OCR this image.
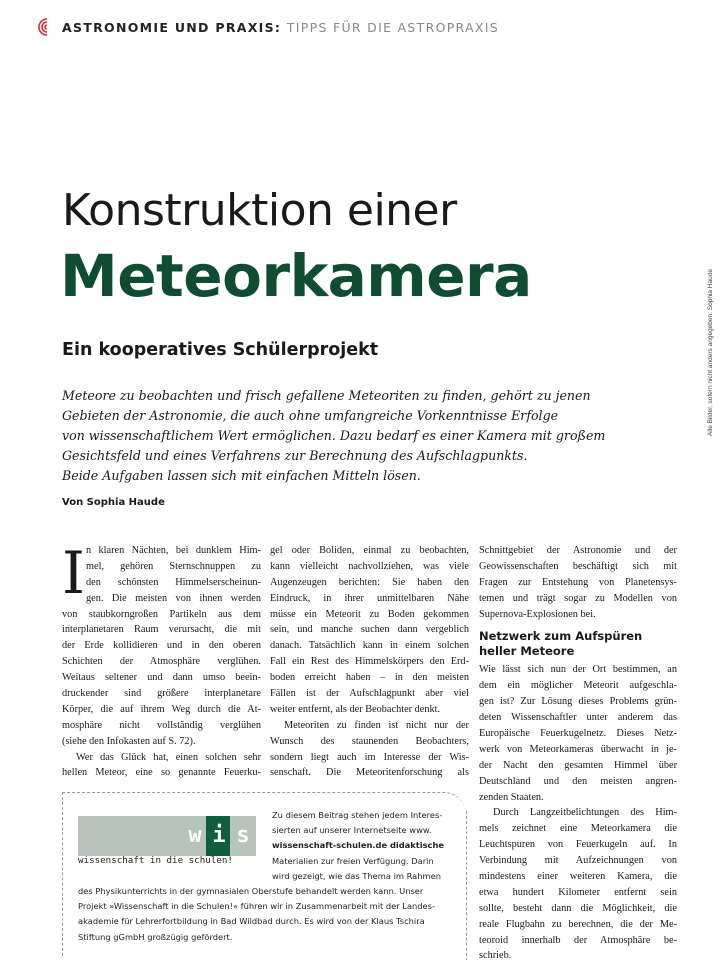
ASTRONOMIE UND PRAXIS: TIPPS FÜR DIE ASTROPRAXIS
Alle Bilder, sofern nicht anders angegeben: Sophia Haude
Konstruktion einer
Meteorkamera
Ein kooperatives Schülerprojekt
Meteore zu beobachten und frisch gefallene Meteoriten zu finden, gehört zu jenen
Gebieten der Astronomie, die auch ohne umfangreiche Vorkenntnisse Erfolge
von wissenschaftlichem Wert ermöglichen. Dazu bedarf es einer Kamera mit großem
Gesichtsfeld und eines Verfahrens zur Berechnung des Aufschlagpunkts.
Beide Aufgaben lassen sich mit einfachen Mitteln lösen.
Von Sophia Haude
I n klaren Nächten, bei dunklem Him-
mel, gehören Sternschnuppen zu
den schönsten Himmelserscheinun-
gen. Die meisten von ihnen werden
von staubkorngroßen Partikeln aus dem
interplanetaren Raum verursacht, die mit
der Erde kollidieren und in den oberen
Schichten der Atmosphäre verglühen.
Weitaus seltener und dann umso beein-
druckender sind größere interplanetare
Körper, die auf ihrem Weg durch die At-
mosphäre nicht vollständig verglühen
(siehe den Infokasten auf S. 72).
Wer das Glück hat, einen solchen sehr
hellen Meteor, eine so genannte Feuerku-
gel oder Boliden, einmal zu beobachten,
kann vielleicht nachvollziehen, was viele
Augenzeugen berichten: Sie haben den
Eindruck, in ihrer unmittelbaren Nähe
müsse ein Meteorit zu Boden gekommen
sein, und manche suchen dann vergeblich
danach. Tatsächlich kann in einem solchen
Fall ein Rest des Himmelskörpers den Erd-
boden erreicht haben – in den meisten
Fällen ist der Aufschlagpunkt aber viel
weiter entfernt, als der Beobachter denkt.
Meteoriten zu finden ist nicht nur der
Wunsch des staunenden Beobachters,
sondern liegt auch im Interesse der Wis-
senschaft. Die Meteoritenforschung als
Schnittgebiet der Astronomie und der
Geowissenschaften beschäftigt sich mit
Fragen zur Entstehung von Planetensys-
temen und trägt sogar zu Modellen von
Supernova-Explosionen bei.
Netzwerk zum Aufspüren
heller Meteore
Wie lässt sich nun der Ort bestimmen, an
dem ein möglicher Meteorit aufgeschla-
gen ist? Zur Lösung dieses Problems grün-
deten Wissenschaftler unter anderem das
Europäische Feuerkugelnetz. Dieses Netz-
werk von Meteorkameras überwacht in je-
der Nacht den gesamten Himmel über
Deutschland und den meisten angren-
zenden Staaten.
Durch Langzeitbelichtungen des Him-
mels zeichnet eine Meteorkamera die
Leuchtspuren von Feuerkugeln auf. In
Verbindung mit Aufzeichnungen von
mindestens einer weiteren Kamera, die
etwa hundert Kilometer entfernt sein
sollte, besteht dann die Möglichkeit, die
reale Flugbahn zu berechnen, die der Me-
teoroid innerhalb der Atmosphäre be-
schrieb.
w i s
wissenschaft in die schulen!
Zu diesem Beitrag stehen jedem Interes-
sierten auf unserer Internetseite www.
wissenschaft-schulen.de didaktische
Materialien zur freien Verfügung. Darin
wird gezeigt, wie das Thema im Rahmen
des Physikunterrichts in der gymnasialen Oberstufe behandelt werden kann. Unser
Projekt »Wissenschaft in die Schulen!« führen wir in Zusammenarbeit mit der Landes-
akademie für Lehrerfortbildung in Bad Wildbad durch. Es wird von der Klaus Tschira
Stiftung gGmbH großzügig gefördert.
